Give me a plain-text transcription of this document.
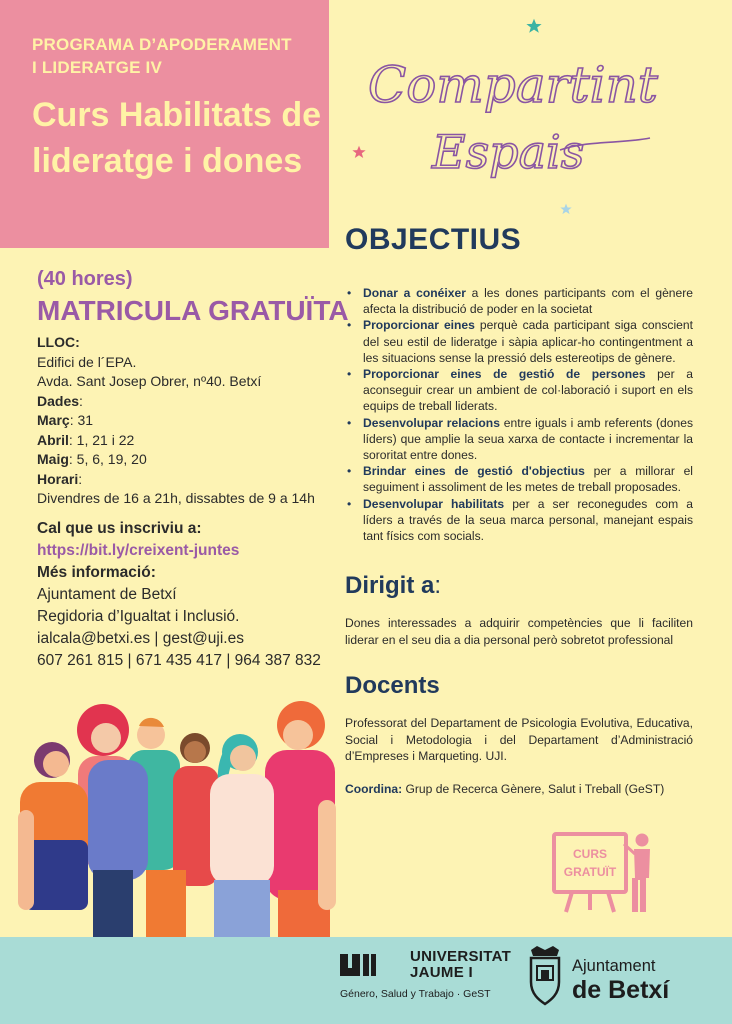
PROGRAMA D’APODERAMENT
I LIDERATGE IV
Curs Habilitats de lideratge i dones
Compartint
Espais
(40 hores)
MATRICULA GRATUÏTA
LLOC:
Edifici de l´EPA.
Avda. Sant Josep Obrer, nº40. Betxí
Dades:
Març: 31
Abril: 1, 21 i 22
Maig: 5, 6, 19, 20
Horari:
Divendres de 16 a 21h, dissabtes de 9 a 14h
Cal que us inscriviu a:
https://bit.ly/creixent-juntes
Més informació:
Ajuntament de Betxí
Regidoria d’Igualtat i Inclusió.
ialcala@betxi.es | gest@uji.es
607 261 815 | 671 435 417 | 964 387 832
OBJECTIUS
• Donar a conéixer a les dones participants com el gènere afecta la distribució de poder en la societat
• Proporcionar eines perquè cada participant siga conscient del seu estil de lideratge i sàpia aplicar-ho contingentment a les situacions sense la pressió dels estereotips de gènere.
• Proporcionar eines de gestió de persones per a aconseguir crear un ambient de col·laboració i suport en els equips de treball liderats.
• Desenvolupar relacions entre iguals i amb referents (dones líders) que amplie la seua xarxa de contacte i incrementar la sororitat entre dones.
• Brindar eines de gestió d'objectius per a millorar el seguiment i assoliment de les metes de treball proposades.
• Desenvolupar habilitats per a ser reconegudes com a líders a través de la seua marca personal, manejant espais tant físics com socials.
Dirigit a:
Dones interessades a adquirir competències que li faciliten liderar en el seu dia a dia personal però sobretot professional
Docents
Professorat del Departament de Psicologia Evolutiva, Educativa, Social i Metodologia i del Departament d’Administració d’Empreses i Marqueting. UJI.
Coordina: Grup de Recerca Gènere, Salut i Treball (GeST)
CURS
GRATUÏT
UNIVERSITAT
JAUME I
Género, Salud y Trabajo · GeST
Ajuntament
de Betxí
